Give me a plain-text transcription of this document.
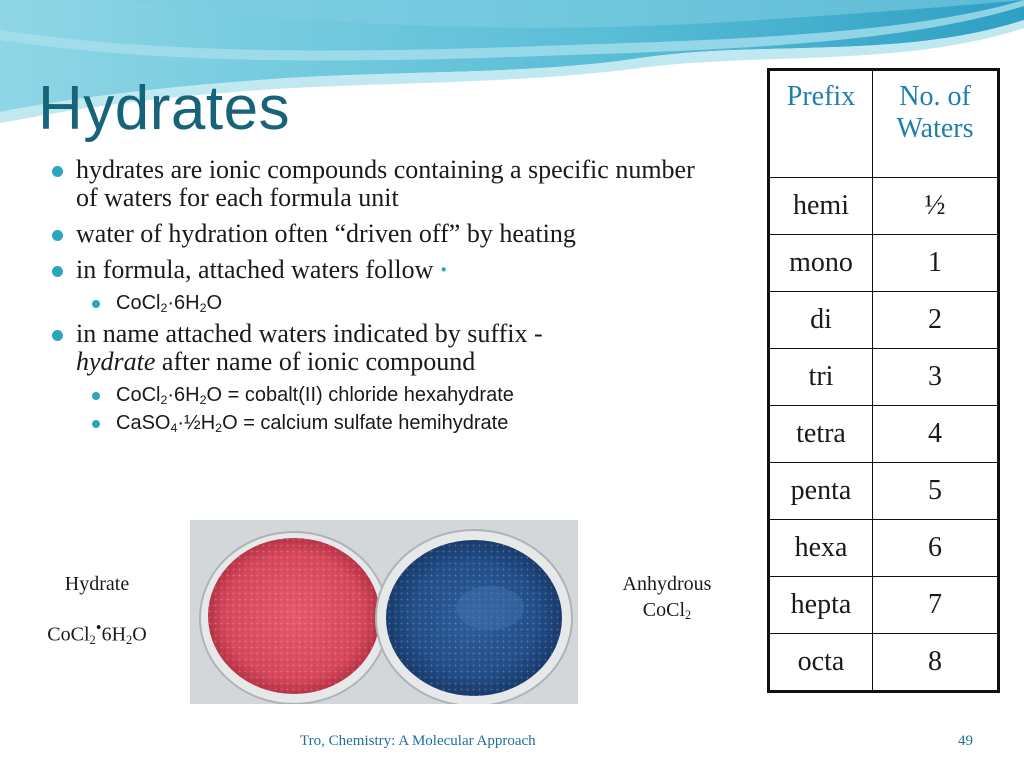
Hydrates
hydrates are ionic compounds containing a specific number of waters for each formula unit
water of hydration often “driven off” by heating
in formula, attached waters follow ·
$CoCl_2\cdot 6H_2O$
in name attached waters indicated by suffix -
hydrate after name of ionic compound
$CoCl_2\cdot 6H_2O$ = cobalt(II) chloride hexahydrate
$CaSO_4\cdot\frac{1}{2}H_2O$ = calcium sulfate hemihydrate
Hydrate
$CoCl_2^•6H_2O$
Anhydrous
CoCl$_2$
Prefix	No. of Waters
hemi	½
mono	1
di	2
tri	3
tetra	4
penta	5
hexa	6
hepta	7
octa	8
Tro, Chemistry: A Molecular Approach	49
